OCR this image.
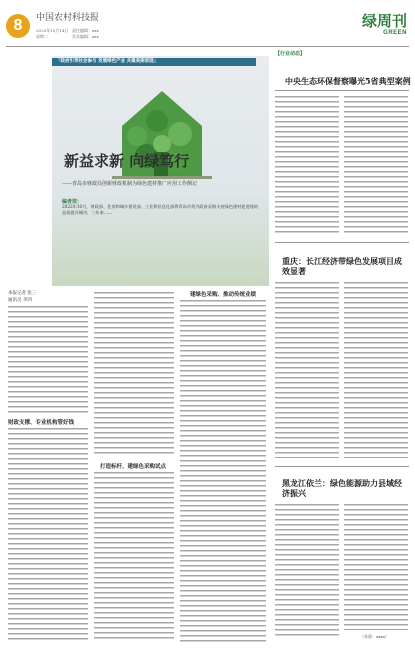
8	中国农村科技报
2025年10月14日
星期二
责任编辑：xxx
美术编辑：xxx
绿周刊
GREEN
「政府引导社会参与 发展绿色产业 共建美丽家园」
新益求新 向绿笃行
——青岛市财政局创新财政机制为绿色建材推广应用工作侧记
编者按：
2022年10月，财政部、住房和城乡建设部、工业和信息化部将青岛市列为政府采购支持绿色建材促进建筑品质提升城市，三年来……
本报记者 张三
通讯员 李四
财政支撑、专业机构管好钱
打造标杆、建绿色采购试点
建绿色采购、推动传统业绩
【行业动态】
中央生态环保督察曝光5省典型案例
重庆：长江经济带绿色发展项目成效显著
黑龙江依兰：绿色能源助力县域经济振兴
（来源：xxxx）
